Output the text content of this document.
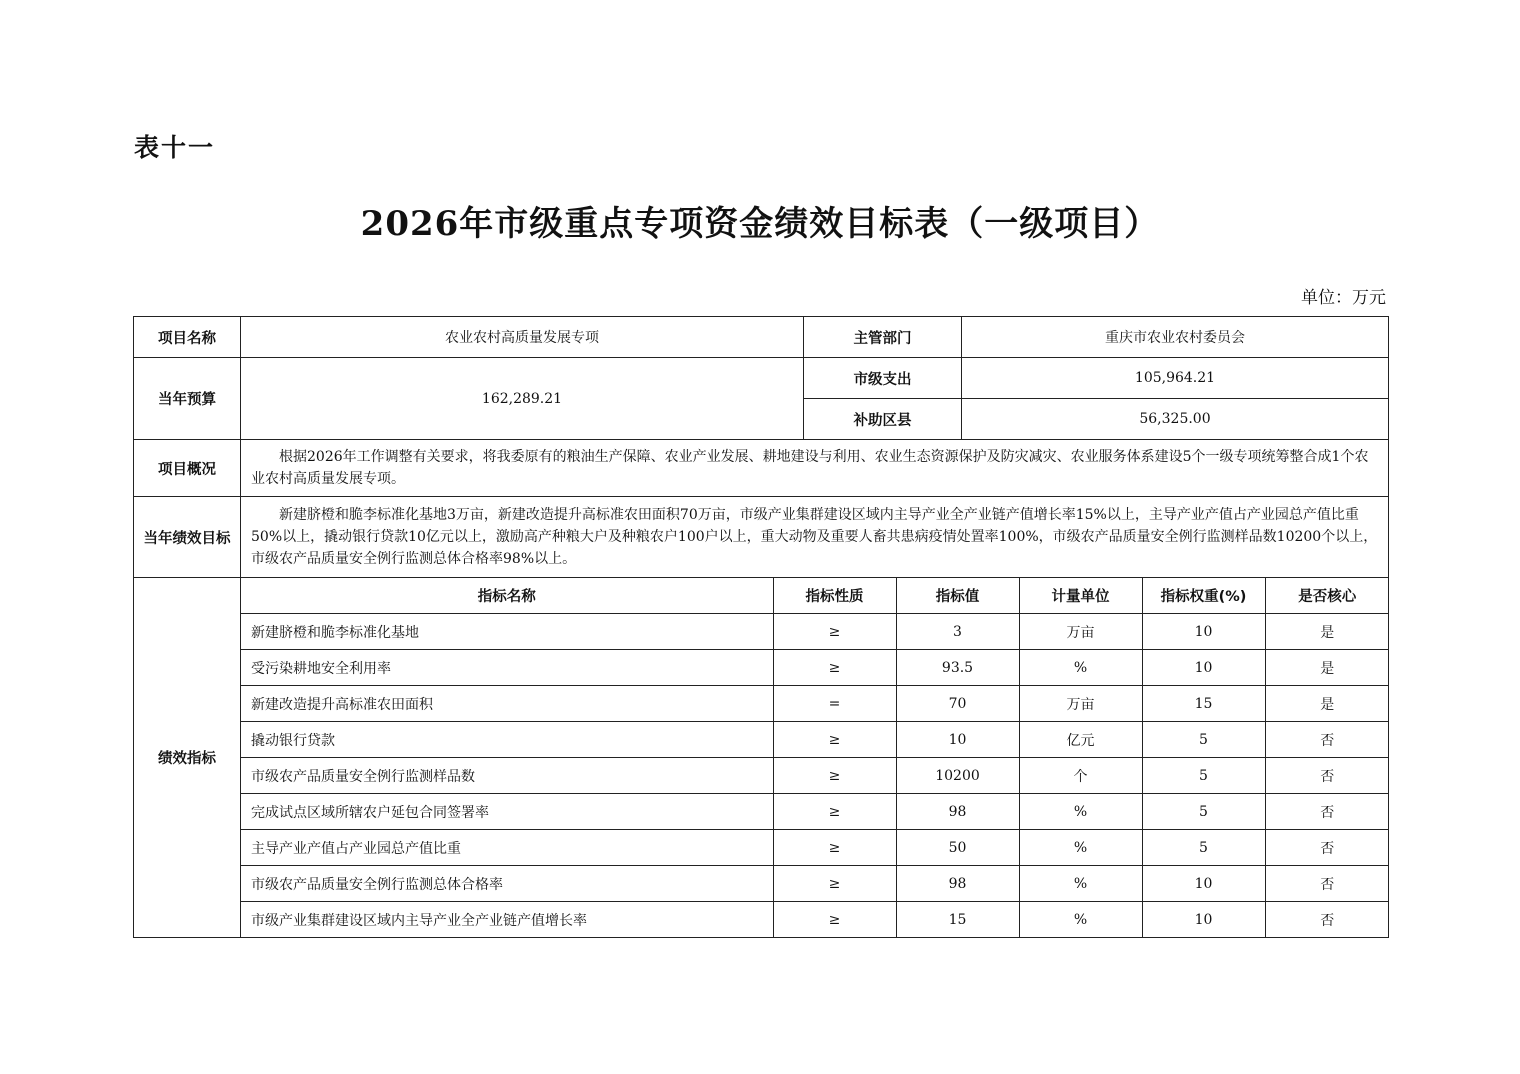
表十一
2026年市级重点专项资金绩效目标表（一级项目）
单位：万元
项目名称	农业农村高质量发展专项	主管部门	重庆市农业农村委员会
当年预算	162,289.21	市级支出	105,964.21
补助区县	56,325.00
项目概况	根据2026年工作调整有关要求，将我委原有的粮油生产保障、农业产业发展、耕地建设与利用、农业生态资源保护及防灾减灾、农业服务体系建设5个一级专项统筹整合成1个农业农村高质量发展专项。
当年绩效目标	新建脐橙和脆李标准化基地3万亩，新建改造提升高标准农田面积70万亩，市级产业集群建设区域内主导产业全产业链产值增长率15%以上，主导产业产值占产业园总产值比重50%以上，撬动银行贷款10亿元以上，激励高产种粮大户及种粮农户100户以上，重大动物及重要人畜共患病疫情处置率100%，市级农产品质量安全例行监测样品数10200个以上，市级农产品质量安全例行监测总体合格率98%以上。
绩效指标	
指标名称	指标性质	指标值	计量单位	指标权重(%)	是否核心
新建脐橙和脆李标准化基地	≥	3	万亩	10	是
受污染耕地安全利用率	≥	93.5	%	10	是
新建改造提升高标准农田面积	=	70	万亩	15	是
撬动银行贷款	≥	10	亿元	5	否
市级农产品质量安全例行监测样品数	≥	10200	个	5	否
完成试点区域所辖农户延包合同签署率	≥	98	%	5	否
主导产业产值占产业园总产值比重	≥	50	%	5	否
市级农产品质量安全例行监测总体合格率	≥	98	%	10	否
市级产业集群建设区域内主导产业全产业链产值增长率	≥	15	%	10	否
